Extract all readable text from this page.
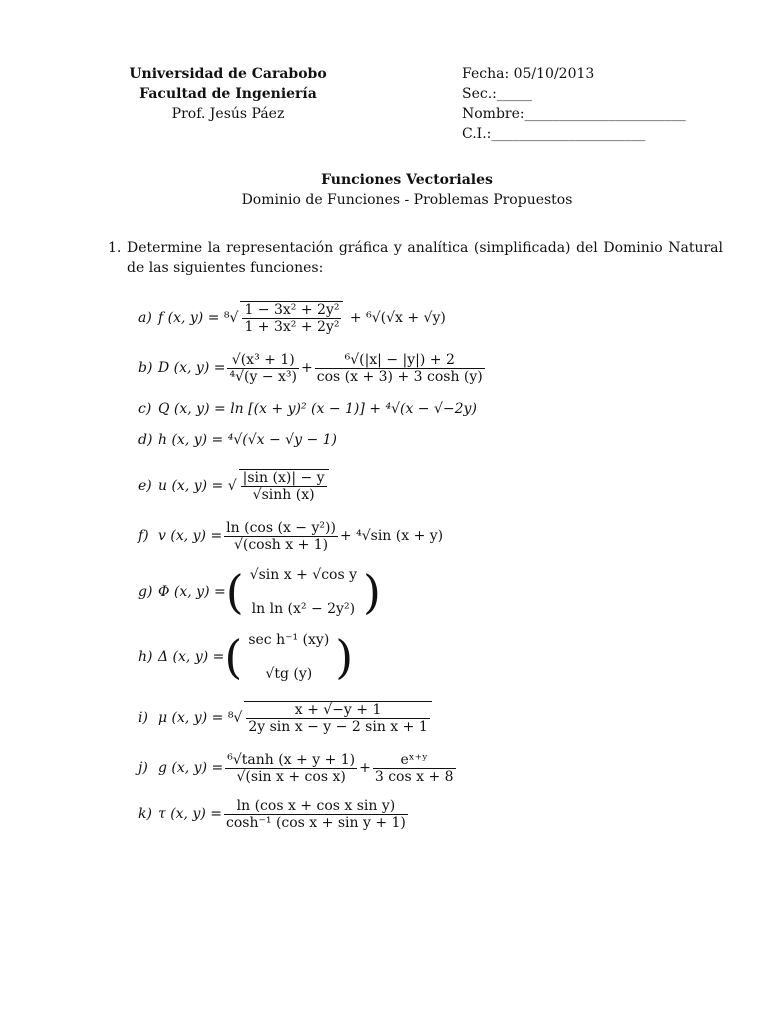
Universidad de Carabobo
Facultad de Ingeniería
Prof. Jesús Páez
Fecha: 05/10/2013
Sec.:_____
Nombre:_______________________
C.I.:______________________
Funciones Vectoriales
Dominio de Funciones - Problemas Propuestos
1. Determine la representación gráfica y analítica (simplificada) del Dominio Natural de las siguientes funciones:
a) f (x, y) =
$^8√ \frac{\text{1 − 3x² + 2y²}}{\text{1 + 3x² + 2y²}}$
+ ⁶√(√x + √y)
b) D (x, $y) = \frac{\text{√(x³ + 1)}}{\text{⁴√(y − x³)}} + \frac{\text{⁶√(|x| − |y|) + 2}}{\cos (x + 3) + 3 \cosh (y)}$
c) Q (x, y) = ln [(x + y)² (x − 1)] + ⁴√(x − √−2y)
d) h (x, y) = ⁴√(√x − √y − 1)
e) u (x, y) =
√ $\frac{|\sin (x)| - y}{√\sinh (x)}$
f) v (x, $y) = \frac{\text{ln (cos (x − y²))}}{\text{√(cosh x + 1)}} + ^4√\sin$ (x + y)
g) Φ (x, y) = ( √sin x + √cos y
ln ln (x² − 2y²) )
h) Δ (x, y) = ( sec h⁻¹ (xy)
√tg (y) )
i) μ (x, y) =
$^8√ \frac{x + √-y + 1}{\text{2y sin x − y − 2 sin x + 1}}$
j) g (x, $y) = \frac{\text{⁶√tanh (x + y + 1)}}{\text{√(sin x + cos x)}} + \frac{\text{eˣ⁺ʸ}}{\text{3 cos x + 8}}$
k) τ (x, $y) = \frac{\text{ln (cos x + cos x sin y)}}{\text{cosh⁻¹ (cos x + sin y + 1)}}$
